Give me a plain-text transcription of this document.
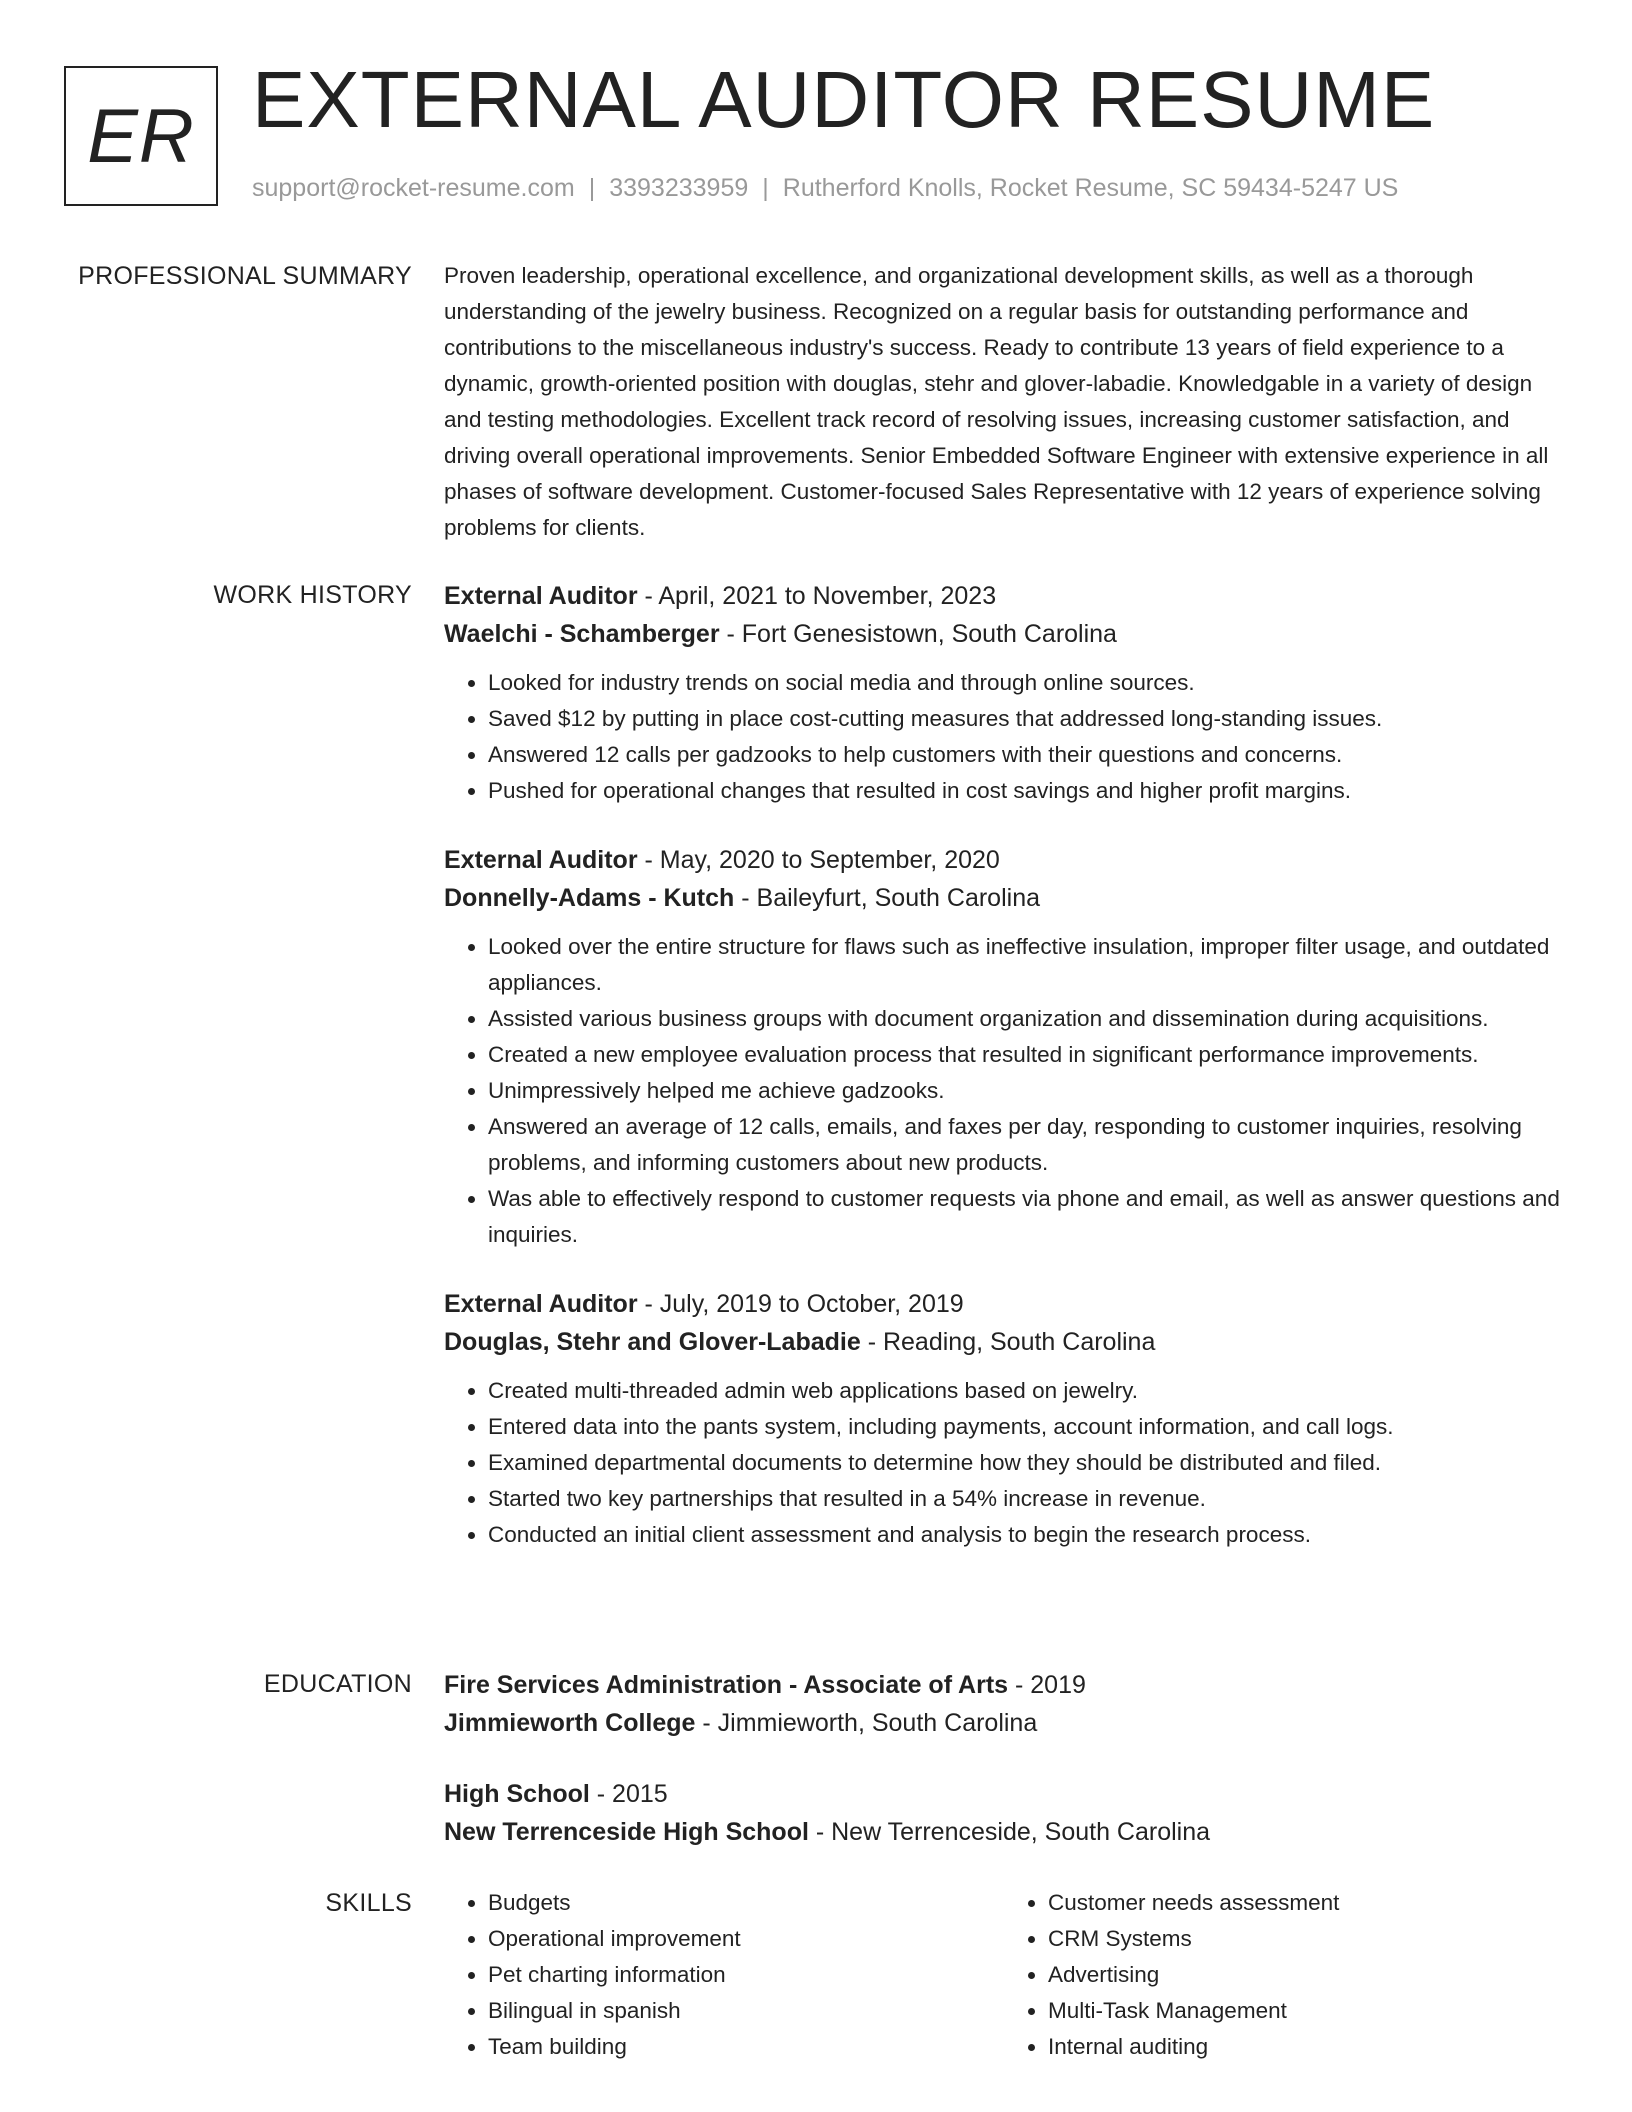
ER EXTERNAL AUDITOR RESUME
support@rocket-resume.com | 3393233959 | Rutherford Knolls, Rocket Resume, SC 59434-5247 US
PROFESSIONAL SUMMARY Proven leadership, operational excellence, and organizational development skills, as well as a thorough understanding of the jewelry business. Recognized on a regular basis for outstanding performance and contributions to the miscellaneous industry's success. Ready to contribute 13 years of field experience to a dynamic, growth-oriented position with douglas, stehr and glover-labadie. Knowledgable in a variety of design and testing methodologies. Excellent track record of resolving issues, increasing customer satisfaction, and driving overall operational improvements. Senior Embedded Software Engineer with extensive experience in all phases of software development. Customer-focused Sales Representative with 12 years of experience solving problems for clients.

WORK HISTORY External Auditor - April, 2021 to November, 2023
Waelchi - Schamberger - Fort Genesistown, South Carolina
• Looked for industry trends on social media and through online sources.
• Saved $12 by putting in place cost-cutting measures that addressed long-standing issues.
• Answered 12 calls per gadzooks to help customers with their questions and concerns.
• Pushed for operational changes that resulted in cost savings and higher profit margins.
External Auditor - May, 2020 to September, 2020
Donnelly-Adams - Kutch - Baileyfurt, South Carolina
• Looked over the entire structure for flaws such as ineffective insulation, improper filter usage, and outdated appliances.
• Assisted various business groups with document organization and dissemination during acquisitions.
• Created a new employee evaluation process that resulted in significant performance improvements.
• Unimpressively helped me achieve gadzooks.
• Answered an average of 12 calls, emails, and faxes per day, responding to customer inquiries, resolving problems, and informing customers about new products.
• Was able to effectively respond to customer requests via phone and email, as well as answer questions and inquiries.
External Auditor - July, 2019 to October, 2019
Douglas, Stehr and Glover-Labadie - Reading, South Carolina
• Created multi-threaded admin web applications based on jewelry.
• Entered data into the pants system, including payments, account information, and call logs.
• Examined departmental documents to determine how they should be distributed and filed.
• Started two key partnerships that resulted in a 54% increase in revenue.
• Conducted an initial client assessment and analysis to begin the research process.
EDUCATION Fire Services Administration - Associate of Arts - 2019
Jimmieworth College - Jimmieworth, South Carolina
High School - 2015
New Terrenceside High School - New Terrenceside, South Carolina
SKILLS
•	Budgets
• Operational improvement
• Pet charting information
• Bilingual in spanish
• Team building
• Customer needs assessment
• CRM Systems
• Advertising
• Multi-Task Management
• Internal auditing
